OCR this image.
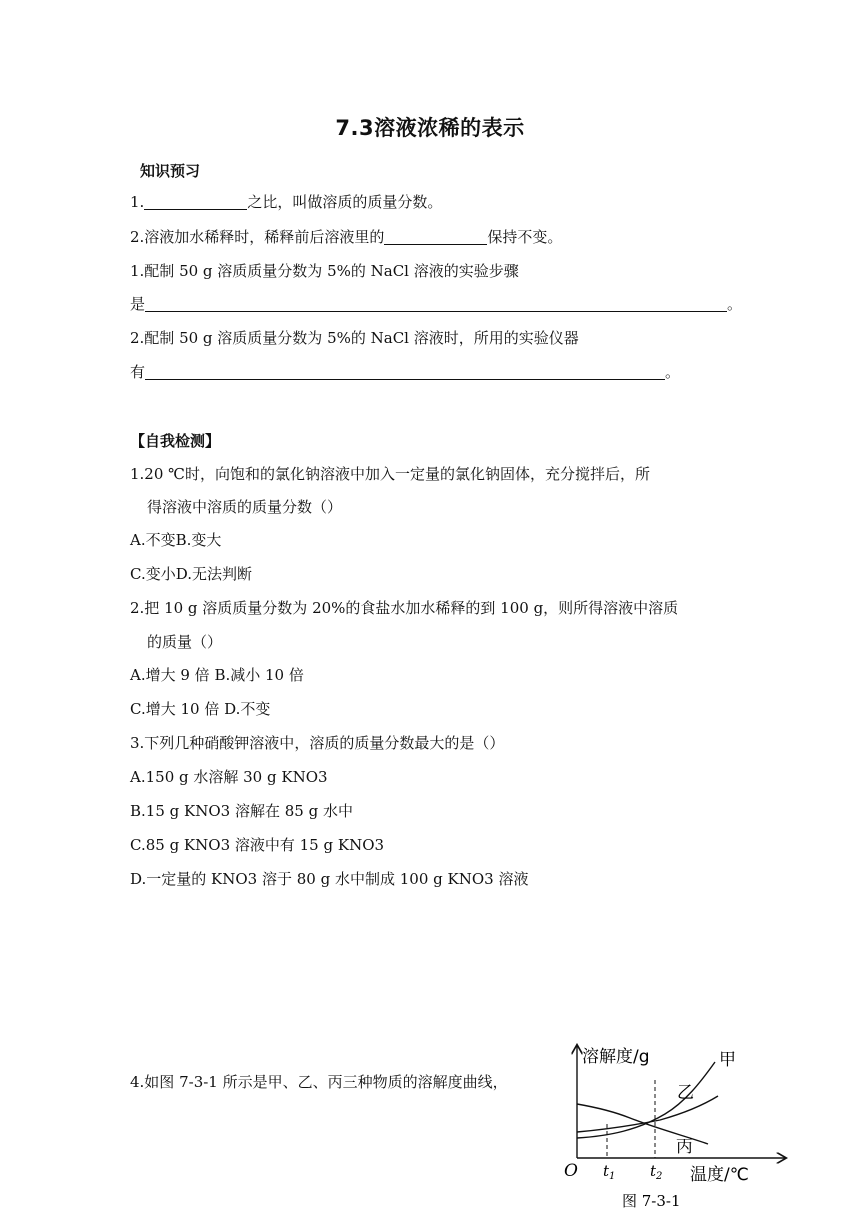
7.3溶液浓稀的表示
知识预习
1.	之比，叫做溶质的质量分数。
2.溶液加水稀释时，稀释前后溶液里的	保持不变。
1.配制 50 g 溶质质量分数为 5%的 NaCl 溶液的实验步骤
是	。
2.配制 50 g 溶质质量分数为 5%的 NaCl 溶液时，所用的实验仪器
有	。
【自我检测】
1.20 ℃时，向饱和的氯化钠溶液中加入一定量的氯化钠固体，充分搅拌后，所
得溶液中溶质的质量分数（）
A.不变B.变大
C.变小D.无法判断
2.把 10 g 溶质质量分数为 20%的食盐水加水稀释的到 100 g，则所得溶液中溶质
的质量（）
A.增大 9 倍 B.减小 10 倍
C.增大 10 倍 D.不变
3.下列几种硝酸钾溶液中，溶质的质量分数最大的是（）
A.150 g 水溶解 30 g KNO3
B.15 g KNO3 溶解在 85 g 水中
C.85 g KNO3 溶液中有 15 g KNO3
D.一定量的 KNO3 溶于 80 g 水中制成 100 g KNO3 溶液
4.如图 7-3-1 所示是甲、乙、丙三种物质的溶解度曲线，
溶解度/g	甲
乙
丙
O $t_1$ $t_2$ 温度/℃
图 7-3-1
